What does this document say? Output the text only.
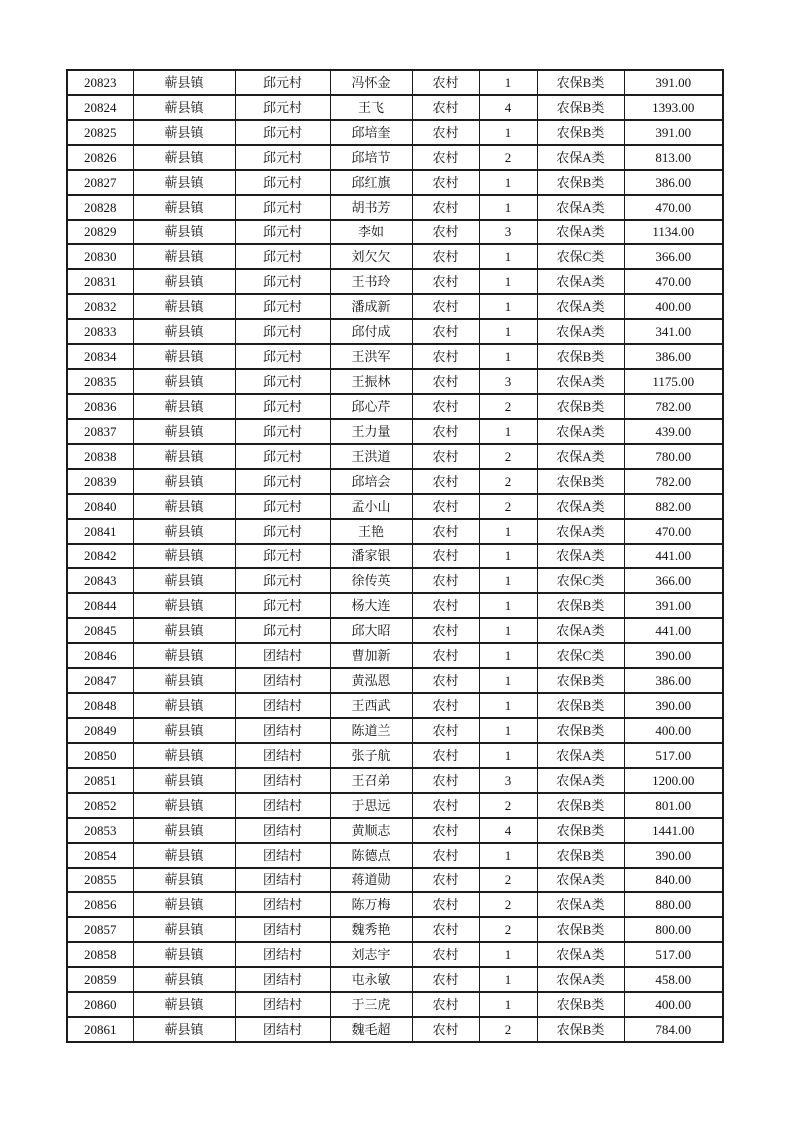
20823	蕲县镇	邱元村	冯怀金	农村	1	农保B类	391.00
20824	蕲县镇	邱元村	王飞	农村	4	农保B类	1393.00
20825	蕲县镇	邱元村	邱培奎	农村	1	农保B类	391.00
20826	蕲县镇	邱元村	邱培节	农村	2	农保A类	813.00
20827	蕲县镇	邱元村	邱红旗	农村	1	农保B类	386.00
20828	蕲县镇	邱元村	胡书芳	农村	1	农保A类	470.00
20829	蕲县镇	邱元村	李如	农村	3	农保A类	1134.00
20830	蕲县镇	邱元村	刘欠欠	农村	1	农保C类	366.00
20831	蕲县镇	邱元村	王书玲	农村	1	农保A类	470.00
20832	蕲县镇	邱元村	潘成新	农村	1	农保A类	400.00
20833	蕲县镇	邱元村	邱付成	农村	1	农保A类	341.00
20834	蕲县镇	邱元村	王洪军	农村	1	农保B类	386.00
20835	蕲县镇	邱元村	王振林	农村	3	农保A类	1175.00
20836	蕲县镇	邱元村	邱心芹	农村	2	农保B类	782.00
20837	蕲县镇	邱元村	王力量	农村	1	农保A类	439.00
20838	蕲县镇	邱元村	王洪道	农村	2	农保A类	780.00
20839	蕲县镇	邱元村	邱培会	农村	2	农保B类	782.00
20840	蕲县镇	邱元村	孟小山	农村	2	农保A类	882.00
20841	蕲县镇	邱元村	王艳	农村	1	农保A类	470.00
20842	蕲县镇	邱元村	潘家银	农村	1	农保A类	441.00
20843	蕲县镇	邱元村	徐传英	农村	1	农保C类	366.00
20844	蕲县镇	邱元村	杨大连	农村	1	农保B类	391.00
20845	蕲县镇	邱元村	邱大昭	农村	1	农保A类	441.00
20846	蕲县镇	团结村	曹加新	农村	1	农保C类	390.00
20847	蕲县镇	团结村	黄泓恩	农村	1	农保B类	386.00
20848	蕲县镇	团结村	王西武	农村	1	农保B类	390.00
20849	蕲县镇	团结村	陈道兰	农村	1	农保B类	400.00
20850	蕲县镇	团结村	张子航	农村	1	农保A类	517.00
20851	蕲县镇	团结村	王召弟	农村	3	农保A类	1200.00
20852	蕲县镇	团结村	于思远	农村	2	农保B类	801.00
20853	蕲县镇	团结村	黄顺志	农村	4	农保B类	1441.00
20854	蕲县镇	团结村	陈德点	农村	1	农保B类	390.00
20855	蕲县镇	团结村	蒋道勋	农村	2	农保A类	840.00
20856	蕲县镇	团结村	陈万梅	农村	2	农保A类	880.00
20857	蕲县镇	团结村	魏秀艳	农村	2	农保B类	800.00
20858	蕲县镇	团结村	刘志宇	农村	1	农保A类	517.00
20859	蕲县镇	团结村	屯永敏	农村	1	农保A类	458.00
20860	蕲县镇	团结村	于三虎	农村	1	农保B类	400.00
20861	蕲县镇	团结村	魏毛超	农村	2	农保B类	784.00
